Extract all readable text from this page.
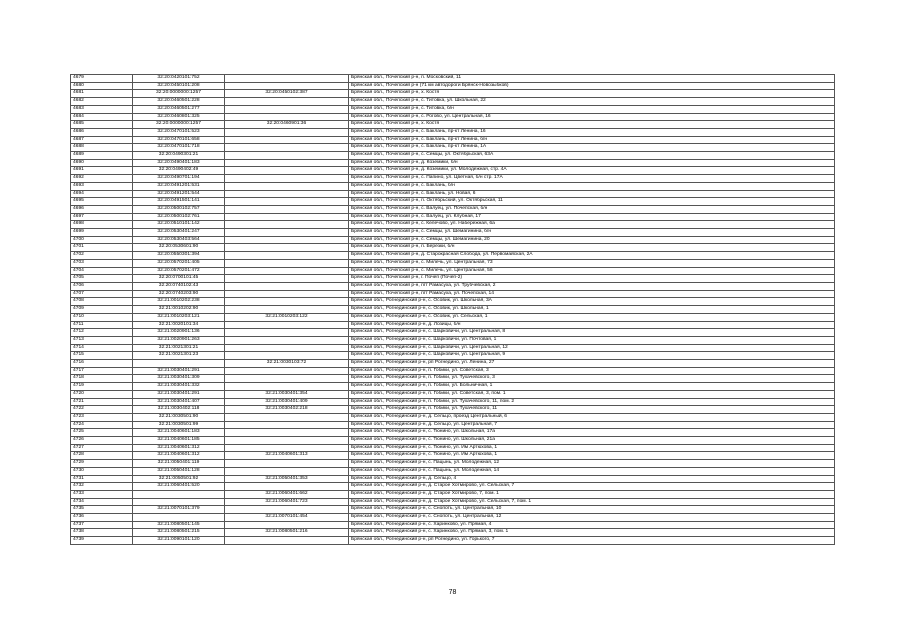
4679	32:20:0420101:752		Брянская обл., Почепский р-н, п. Московский, 11
4680	32:20:0450101:208		Брянская обл., Почепский р-н (71 км автодороги Брянск-Новозыбков)
4681	32:20:0000000:1257	32:20:0450102:387	Брянская обл., Почепский р-н, х. Костя
4682	32:20:0460501:228		Брянская обл., Почепский р-н, с. Титовка, ул. Школьная, 22
4683	32:20:0460501:277		Брянская обл., Почепский р-н, с. Титовка, б/н
4684	32:20:0460801:325		Брянская обл., Почепский р-н, с. Рогово, ул. Центральная, 16
4685	32:20:0000000:1257	32:20:0460901:36	Брянская обл., Почепский р-н, х. Костя
4686	32:20:0470101:523		Брянская обл., Почепский р-н, с. Баклань, пр-кт Ленина, 16
4687	32:20:0470101:658		Брянская обл., Почепский р-н, с. Баклань, пр-кт Ленина, б/н
4688	32:20:0470101:718		Брянская обл., Почепский р-н, с. Баклань, пр-кт Ленина, 1А
4689	32:20:0490301:21		Брянская обл., Почепский р-н, с. Семцы, ул. Октябрьская, 63А
4690	32:20:0490401:183		Брянская обл., Почепский р-н, д. Коземики, б/н
4691	32:20:0490402:49		Брянская обл., Почепский р-н, д. Коземики, ул. Молодежная, стр. 4А
4692	32:20:0490701:194		Брянская обл., Почепский р-н, с. Папино, ул. Цветная, б/н стр. 17А
4693	32:20:0491201:531		Брянская обл., Почепский р-н, с. Баклань, б/н
4694	32:20:0491201:544		Брянская обл., Почепский р-н, с. Баклань, ул. Новая, 6
4695	32:20:0491501:141		Брянская обл., Почепский р-н, п. Октябрьский, ул. Октябрьская, 11
4696	32:20:0500102:757		Брянская обл., Почепский р-н, с. Валуец, ул. Почепская, б/н
4697	32:20:0500102:761		Брянская обл., Почепский р-н, с. Валуец, ул. Клубная, 17
4698	32:20:0510101:142		Брянская обл., Почепский р-н, с. Келечово, ул. Набережная, 6а
4699	32:20:0530401:247		Брянская обл., Почепский р-н, с. Семцы, ул. Шемагинина, б/н
4700	32:20:0530403:564		Брянская обл., Почепский р-н, с. Семцы, ул. Шемагинина, 20
4701	32:20:0530601:90		Брянская обл., Почепский р-н, п. Березки, б/н
4702	32:20:0550301:394		Брянская обл., Почепский р-н, д. Старокрасная Слобода, ул. Первомайская, 2А
4703	32:20:0570201:405		Брянская обл., Почепский р-н, с. Милечь, ул. Центральная, 73
4704	32:20:0570201:472		Брянская обл., Почепский р-н, с. Милечь, ул. Центральная, 56
4705	32:20:0700101:45		Брянская обл., Почепский р-н, г. Почеп (Почеп-2)
4706	32:20:0740102:43		Брянская обл., Почепский р-н, пгт Рамасуха, ул. Трубчевская, 2
4707	32:20:0740203:90		Брянская обл., Почепский р-н, пгт Рамасуха, ул. Почепская, 14
4708	32:21:0010202:238		Брянская обл., Рогнединский р-н, с. Осовик, ул. Школьная, 3А
4709	32:21:0010202:90		Брянская обл., Рогнединский р-н, с. Осовик, ул. Школьная, 1
4710	32:21:0010203:121	32:21:0010203:122	Брянская обл., Рогнединский р-н, с. Осовик, ул. Сельская, 1
4711	32:21:0020101:34		Брянская обл., Рогнединский р-н, д. Лозицы, б/н
4712	32:21:0020901:136		Брянская обл., Рогнединский р-н, с. Шарковичи, ул. Центральная, 8
4713	32:21:0020901:263		Брянская обл., Рогнединский р-н, с. Шарковичи, ул. Почтовая, 1
4714	32:21:0021301:21		Брянская обл., Рогнединский р-н, с. Шарковичи, ул. Центральная, 12
4715	32:21:0021301:23		Брянская обл., Рогнединский р-н, с. Шарковичи, ул. Центральная, 9
4716		32:21:0030103:72	Брянская обл., Рогнединский р-н, рп Рогнедино, ул. Ленина, 27
4717	32:21:0030401:291		Брянская обл., Рогнединский р-н, п. Гобики, ул. Советская, 3
4718	32:21:0030401:309		Брянская обл., Рогнединский р-н, п. Гобики, ул. Тухачевского, 3
4719	32:21:0030401:332		Брянская обл., Рогнединский р-н, п. Гобики, ул. Больничная, 1
4720	32:21:0030401:291	32:21:0030401:354	Брянская обл., Рогнединский р-н, п. Гобики, ул. Советская, 3, пом. 1
4721	32:21:0030401:407	32:21:0030401:409	Брянская обл., Рогнединский р-н, п. Гобики, ул. Тухачевского, 11, пом. 2
4722	32:21:0030402:118	32:21:0030402:218	Брянская обл., Рогнединский р-н, п. Гобики, ул. Тухачевского, 11
4723	32:21:0030501:90		Брянская обл., Рогнединский р-н, д. Сельцо, проезд Центральный, 6
4724	32:21:0030501:99		Брянская обл., Рогнединский р-н, д. Сельцо, ул. Центральная, 7
4725	32:21:0040601:183		Брянская обл., Рогнединский р-н, с. Тюнино, ул. Школьная, 17а
4726	32:21:0040601:185		Брянская обл., Рогнединский р-н, с. Тюнино, ул. Школьная, 21а
4727	32:21:0040601:312		Брянская обл., Рогнединский р-н, с. Тюнино, ул. Им Артюхова, 1
4728	32:21:0040601:312	32:21:0040601:313	Брянская обл., Рогнединский р-н, с. Тюнино, ул. Им Артюхова, 1
4729	32:21:0050401:119		Брянская обл., Рогнединский р-н, с. Пацынь, ул. Молодежная, 12
4730	32:21:0050401:128		Брянская обл., Рогнединский р-н, с. Пацынь, ул. Молодежная, 14
4731	32:21:0050501:92	32:21:0050401:353	Брянская обл., Рогнединский р-н, д. Сельцо, 4
4732	32:21:0060401:520		Брянская обл., Рогнединский р-н, д. Старое Хотмирово, ул. Сельская, 7
4733		32:21:0060401:662	Брянская обл., Рогнединский р-н, д. Старое Хотмирово, 7, пом. 1
4734		32:21:0060401:723	Брянская обл., Рогнединский р-н, д. Старое Хотмирово, ул. Сельская, 7, пом. 1
4735	32:21:0070101:379		Брянская обл., Рогнединский р-н, с. Снопоть, ул. Центральная, 10
4736		32:21:0070101:454	Брянская обл., Рогнединский р-н, с. Снопоть, ул. Центральная, 12
4737	32:21:0080501:145		Брянская обл., Рогнединский р-н, с. Харинково, ул. Прямая, 4
4738	32:21:0080501:215	32:21:0080501:216	Брянская обл., Рогнединский р-н, с. Харинково, ул. Прямая, 3, пом. 1
4739	32:21:0090101:120		Брянская обл., Рогнединский р-н, рп Рогнедино, ул. Горького, 7
78
